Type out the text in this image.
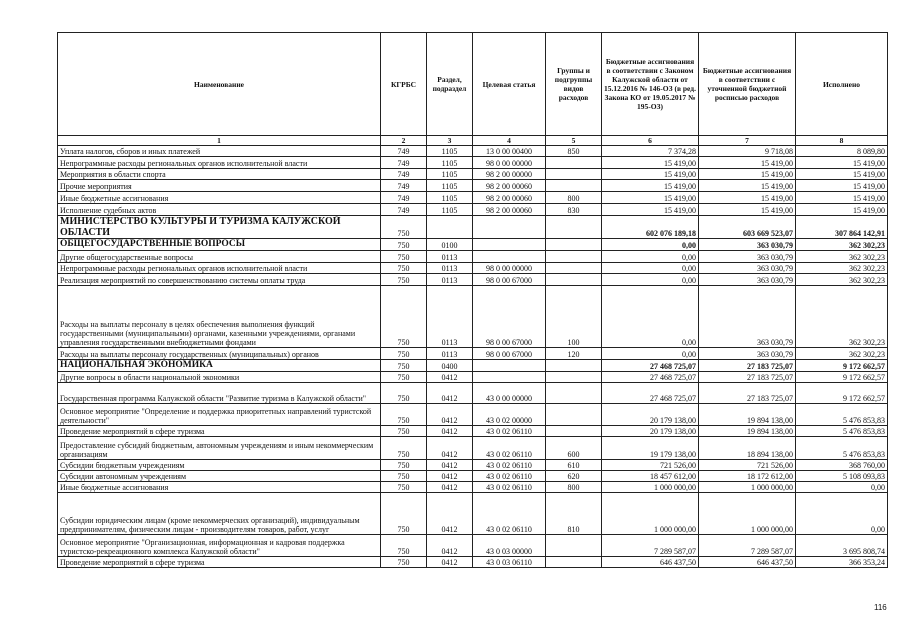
Наименование	КГРБС	Раздел, подраздел	Целевая статья	Группы и подгруппы видов расходов	Бюджетные ассигнования в соответствии с Законом Калужской области от 15.12.2016 № 146-ОЗ (в ред. Закона КО от 19.05.2017 № 195-ОЗ)	Бюджетные ассигнования в соответствии с уточненной бюджетной росписью расходов	Исполнено
1	2	3	4	5	6	7	8
Уплата налогов, сборов и иных платежей	749	1105	13 0 00 00400	850	7 374,28	9 718,08	8 089,80
Непрограммные расходы региональных органов исполнительной власти	749	1105	98 0 00 00000		15 419,00	15 419,00	15 419,00
Мероприятия в области спорта	749	1105	98 2 00 00000		15 419,00	15 419,00	15 419,00
Прочие мероприятия	749	1105	98 2 00 00060		15 419,00	15 419,00	15 419,00
Иные бюджетные ассигнования	749	1105	98 2 00 00060	800	15 419,00	15 419,00	15 419,00
Исполнение судебных актов	749	1105	98 2 00 00060	830	15 419,00	15 419,00	15 419,00
МИНИСТЕРСТВО КУЛЬТУРЫ И ТУРИЗМА КАЛУЖСКОЙ ОБЛАСТИ	750				602 076 189,18	603 669 523,07	307 864 142,91
ОБЩЕГОСУДАРСТВЕННЫЕ ВОПРОСЫ	750	0100			0,00	363 030,79	362 302,23
Другие общегосударственные вопросы	750	0113			0,00	363 030,79	362 302,23
Непрограммные расходы региональных органов исполнительной власти	750	0113	98 0 00 00000		0,00	363 030,79	362 302,23
Реализация мероприятий по совершенствованию системы оплаты труда	750	0113	98 0 00 67000		0,00	363 030,79	362 302,23
Расходы на выплаты персоналу в целях обеспечения выполнения функций государственными (муниципальными) органами, казенными учреждениями, органами управления государственными внебюджетными фондами	750	0113	98 0 00 67000	100	0,00	363 030,79	362 302,23
Расходы на выплаты персоналу государственных (муниципальных) органов	750	0113	98 0 00 67000	120	0,00	363 030,79	362 302,23
НАЦИОНАЛЬНАЯ ЭКОНОМИКА	750	0400			27 468 725,07	27 183 725,07	9 172 662,57
Другие вопросы в области национальной экономики	750	0412			27 468 725,07	27 183 725,07	9 172 662,57
Государственная программа Калужской области "Развитие туризма в Калужской области"	750	0412	43 0 00 00000		27 468 725,07	27 183 725,07	9 172 662,57
Основное мероприятие "Определение и поддержка приоритетных направлений туристской деятельности"	750	0412	43 0 02 00000		20 179 138,00	19 894 138,00	5 476 853,83
Проведение мероприятий в сфере туризма	750	0412	43 0 02 06110		20 179 138,00	19 894 138,00	5 476 853,83
Предоставление субсидий бюджетным, автономным учреждениям и иным некоммерческим организациям	750	0412	43 0 02 06110	600	19 179 138,00	18 894 138,00	5 476 853,83
Субсидии бюджетным учреждениям	750	0412	43 0 02 06110	610	721 526,00	721 526,00	368 760,00
Субсидии автономным учреждениям	750	0412	43 0 02 06110	620	18 457 612,00	18 172 612,00	5 108 093,83
Иные бюджетные ассигнования	750	0412	43 0 02 06110	800	1 000 000,00	1 000 000,00	0,00
Субсидии юридическим лицам (кроме некоммерческих организаций), индивидуальным предпринимателям, физическим лицам - производителям товаров, работ, услуг	750	0412	43 0 02 06110	810	1 000 000,00	1 000 000,00	0,00
Основное мероприятие "Организационная, информационная и кадровая поддержка туристско-рекреационного комплекса Калужской области"	750	0412	43 0 03 00000		7 289 587,07	7 289 587,07	3 695 808,74
Проведение мероприятий в сфере туризма	750	0412	43 0 03 06110		646 437,50	646 437,50	366 353,24
116
